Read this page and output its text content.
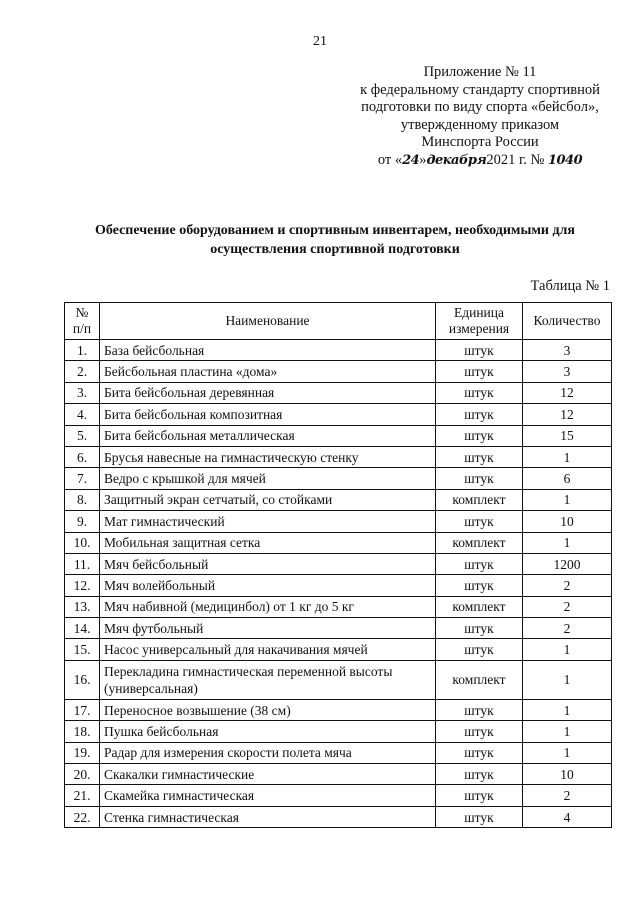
21
Приложение № 11
к федеральному стандарту спортивной
подготовки по виду спорта «бейсбол»,
утвержденному приказом
Минспорта России
от «24»декабря2021 г. № 1040
Обеспечение оборудованием и спортивным инвентарем, необходимыми для осуществления спортивной подготовки
Таблица № 1
№ п/п	Наименование	Единица измерения	Количество
1.	База бейсбольная	штук	3
2.	Бейсбольная пластина «дома»	штук	3
3.	Бита бейсбольная деревянная	штук	12
4.	Бита бейсбольная композитная	штук	12
5.	Бита бейсбольная металлическая	штук	15
6.	Брусья навесные на гимнастическую стенку	штук	1
7.	Ведро с крышкой для мячей	штук	6
8.	Защитный экран сетчатый, со стойками	комплект	1
9.	Мат гимнастический	штук	10
10.	Мобильная защитная сетка	комплект	1
11.	Мяч бейсбольный	штук	1200
12.	Мяч волейбольный	штук	2
13.	Мяч набивной (медицинбол) от 1 кг до 5 кг	комплект	2
14.	Мяч футбольный	штук	2
15.	Насос универсальный для накачивания мячей	штук	1
16.	Перекладина гимнастическая переменной высоты (универсальная)	комплект	1
17.	Переносное возвышение (38 см)	штук	1
18.	Пушка бейсбольная	штук	1
19.	Радар для измерения скорости полета мяча	штук	1
20.	Скакалки гимнастические	штук	10
21.	Скамейка гимнастическая	штук	2
22.	Стенка гимнастическая	штук	4
